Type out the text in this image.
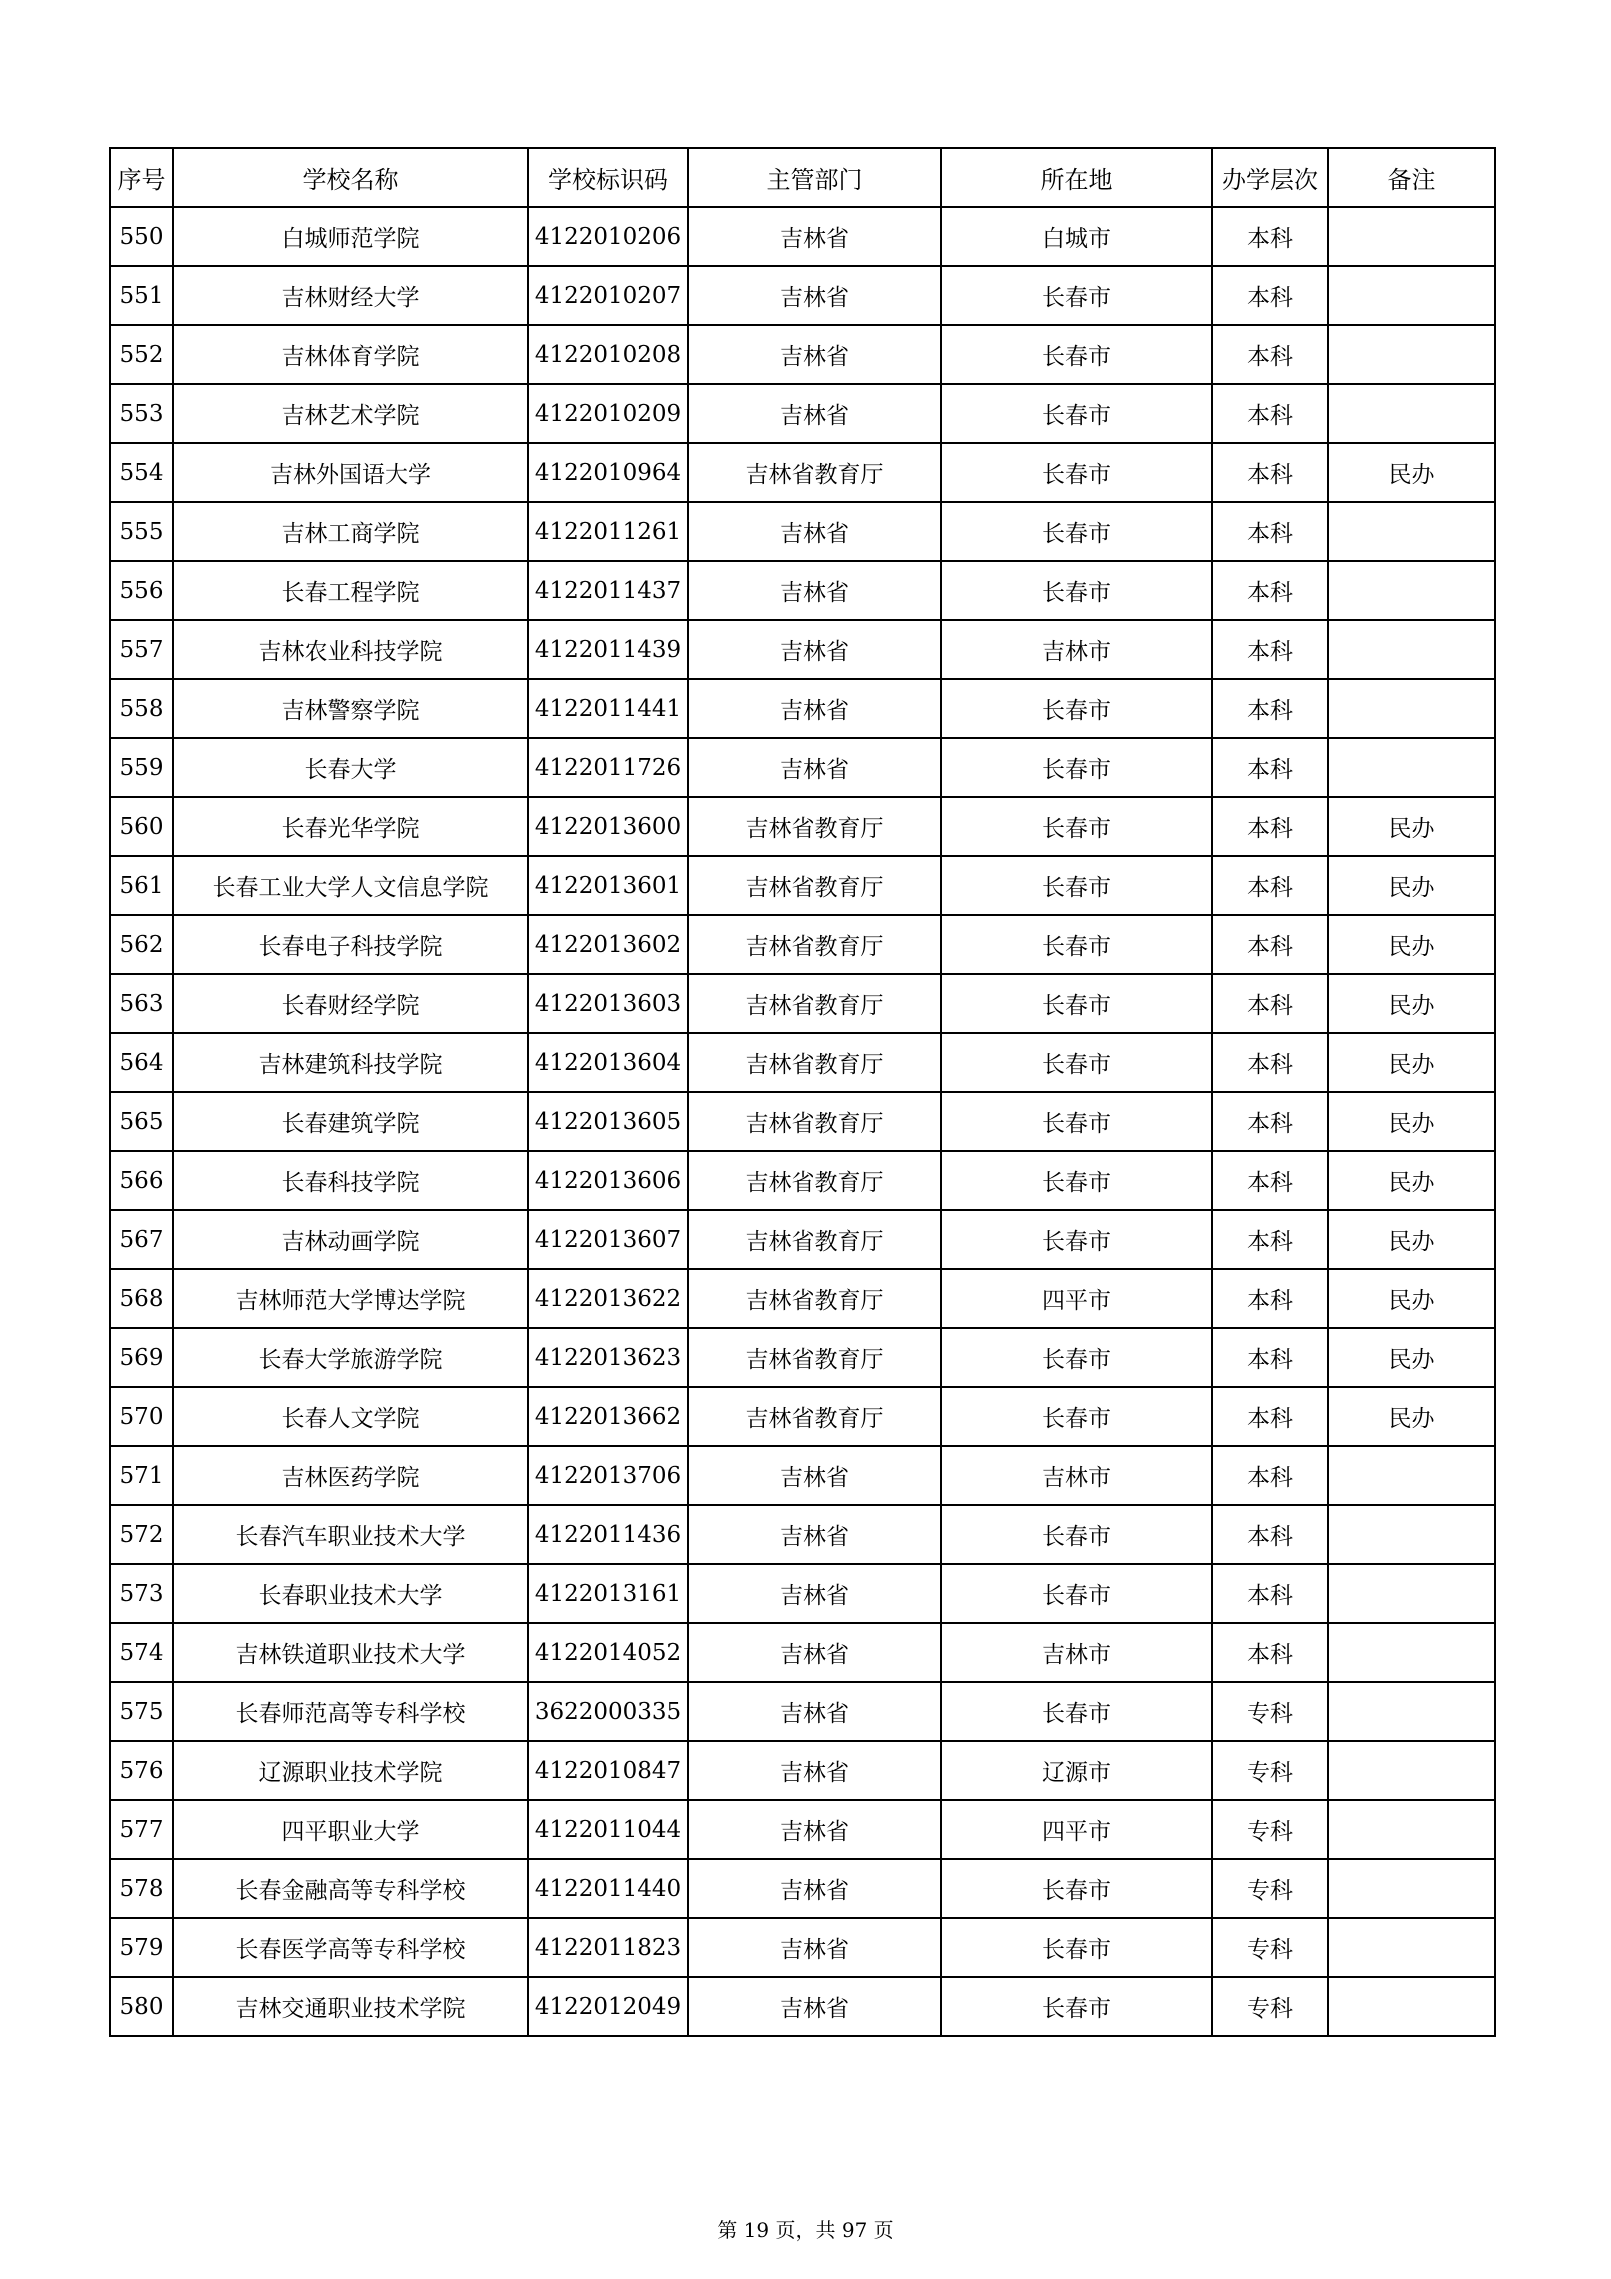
序号	学校名称	学校标识码	主管部门	所在地	办学层次	备注
550	白城师范学院	4122010206	吉林省	白城市	本科	
551	吉林财经大学	4122010207	吉林省	长春市	本科	
552	吉林体育学院	4122010208	吉林省	长春市	本科	
553	吉林艺术学院	4122010209	吉林省	长春市	本科	
554	吉林外国语大学	4122010964	吉林省教育厅	长春市	本科	民办
555	吉林工商学院	4122011261	吉林省	长春市	本科	
556	长春工程学院	4122011437	吉林省	长春市	本科	
557	吉林农业科技学院	4122011439	吉林省	吉林市	本科	
558	吉林警察学院	4122011441	吉林省	长春市	本科	
559	长春大学	4122011726	吉林省	长春市	本科	
560	长春光华学院	4122013600	吉林省教育厅	长春市	本科	民办
561	长春工业大学人文信息学院	4122013601	吉林省教育厅	长春市	本科	民办
562	长春电子科技学院	4122013602	吉林省教育厅	长春市	本科	民办
563	长春财经学院	4122013603	吉林省教育厅	长春市	本科	民办
564	吉林建筑科技学院	4122013604	吉林省教育厅	长春市	本科	民办
565	长春建筑学院	4122013605	吉林省教育厅	长春市	本科	民办
566	长春科技学院	4122013606	吉林省教育厅	长春市	本科	民办
567	吉林动画学院	4122013607	吉林省教育厅	长春市	本科	民办
568	吉林师范大学博达学院	4122013622	吉林省教育厅	四平市	本科	民办
569	长春大学旅游学院	4122013623	吉林省教育厅	长春市	本科	民办
570	长春人文学院	4122013662	吉林省教育厅	长春市	本科	民办
571	吉林医药学院	4122013706	吉林省	吉林市	本科	
572	长春汽车职业技术大学	4122011436	吉林省	长春市	本科	
573	长春职业技术大学	4122013161	吉林省	长春市	本科	
574	吉林铁道职业技术大学	4122014052	吉林省	吉林市	本科	
575	长春师范高等专科学校	3622000335	吉林省	长春市	专科	
576	辽源职业技术学院	4122010847	吉林省	辽源市	专科	
577	四平职业大学	4122011044	吉林省	四平市	专科	
578	长春金融高等专科学校	4122011440	吉林省	长春市	专科	
579	长春医学高等专科学校	4122011823	吉林省	长春市	专科	
580	吉林交通职业技术学院	4122012049	吉林省	长春市	专科	
第 19 页，共 97 页
